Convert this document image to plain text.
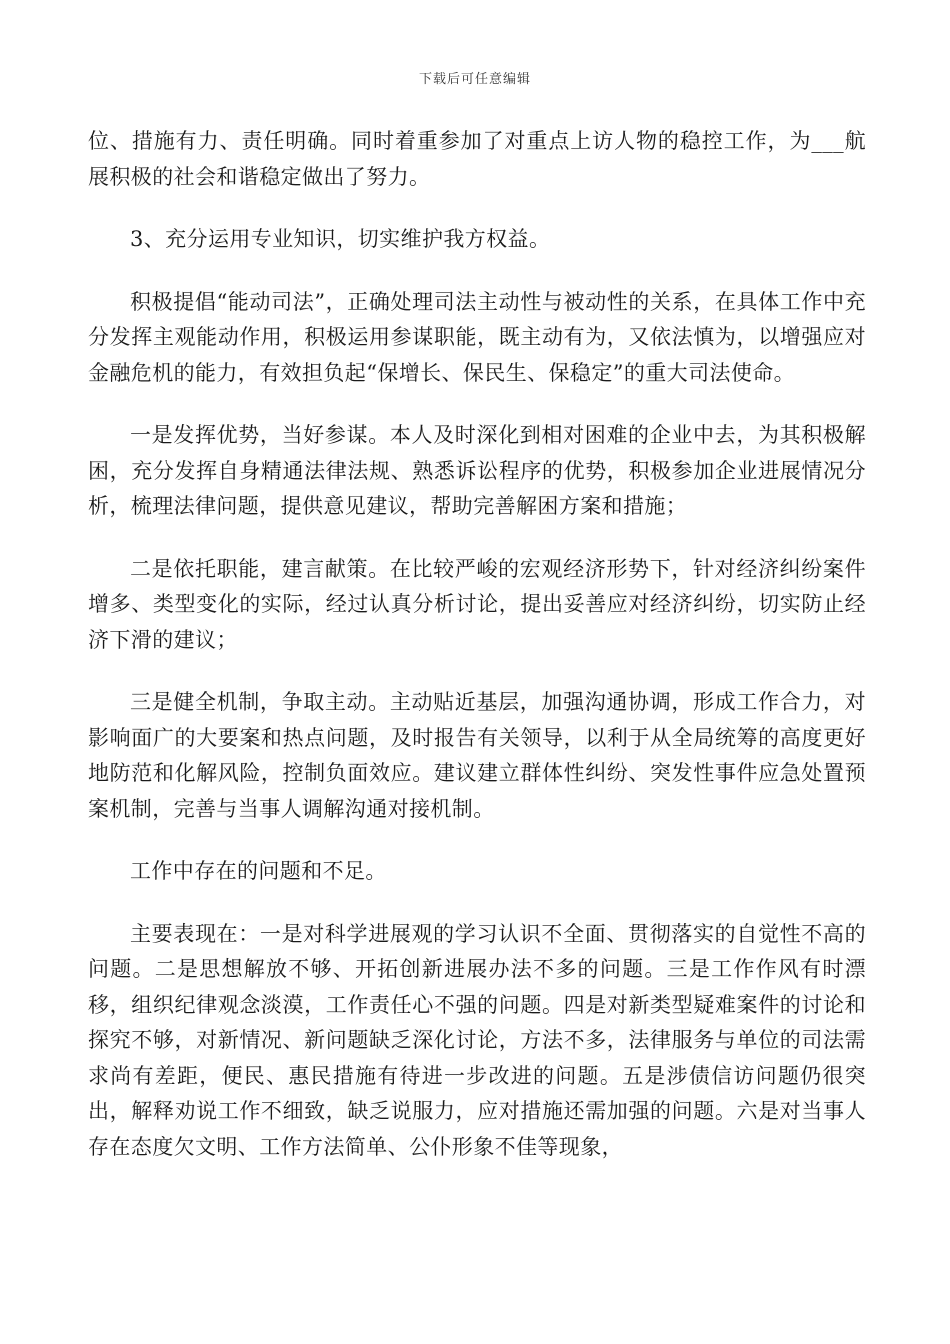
下载后可任意编辑

位、措施有力、责任明确。同时着重参加了对重点上访人物的稳控工作，为___航展积极的社会和谐稳定做出了努力。

3、充分运用专业知识，切实维护我方权益。

积极提倡“能动司法”，正确处理司法主动性与被动性的关系，在具体工作中充分发挥主观能动作用，积极运用参谋职能，既主动有为，又依法慎为，以增强应对金融危机的能力，有效担负起“保增长、保民生、保稳定”的重大司法使命。

一是发挥优势，当好参谋。本人及时深化到相对困难的企业中去，为其积极解困，充分发挥自身精通法律法规、熟悉诉讼程序的优势，积极参加企业进展情况分析，梳理法律问题，提供意见建议，帮助完善解困方案和措施；

二是依托职能，建言献策。在比较严峻的宏观经济形势下，针对经济纠纷案件增多、类型变化的实际，经过认真分析讨论，提出妥善应对经济纠纷，切实防止经济下滑的建议；

三是健全机制，争取主动。主动贴近基层，加强沟通协调，形成工作合力，对影响面广的大要案和热点问题，及时报告有关领导，以利于从全局统筹的高度更好地防范和化解风险，控制负面效应。建议建立群体性纠纷、突发性事件应急处置预案机制，完善与当事人调解沟通对接机制。

工作中存在的问题和不足。

主要表现在：一是对科学进展观的学习认识不全面、贯彻落实的自觉性不高的问题。二是思想解放不够、开拓创新进展办法不多的问题。三是工作作风有时漂移，组织纪律观念淡漠，工作责任心不强的问题。四是对新类型疑难案件的讨论和探究不够，对新情况、新问题缺乏深化讨论，方法不多，法律服务与单位的司法需求尚有差距，便民、惠民措施有待进一步改进的问题。五是涉债信访问题仍很突出，解释劝说工作不细致，缺乏说服力，应对措施还需加强的问题。六是对当事人存在态度欠文明、工作方法简单、公仆形象不佳等现象，
